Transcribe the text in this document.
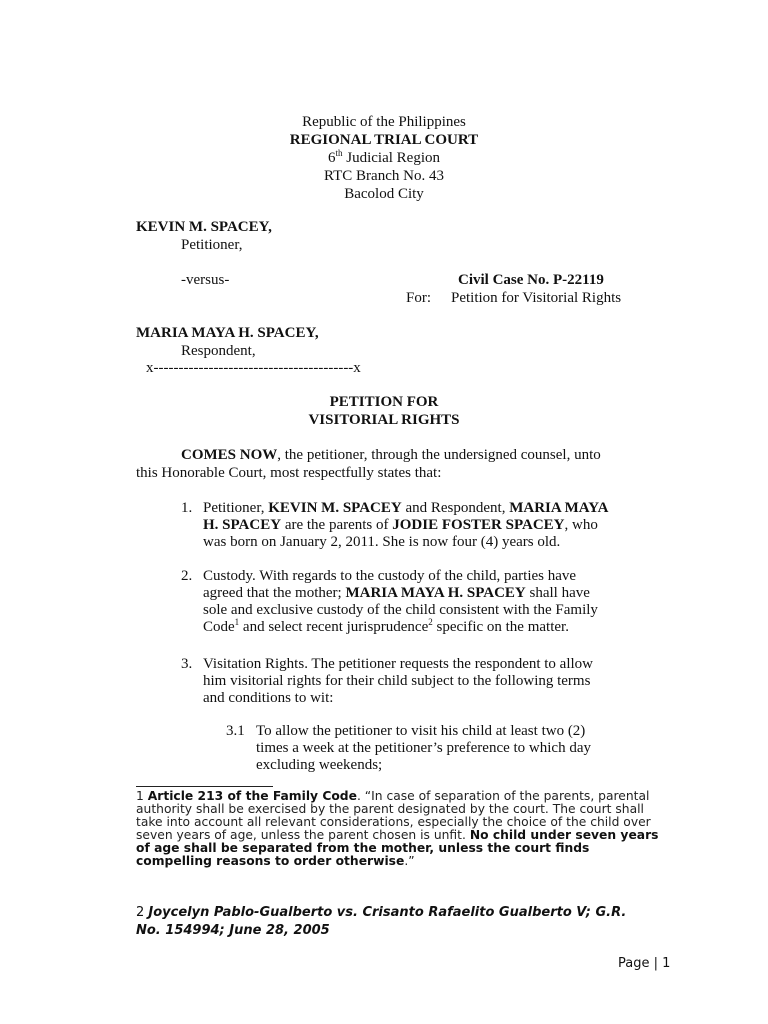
Republic of the Philippines
REGIONAL TRIAL COURT
6th Judicial Region
RTC Branch No. 43
Bacolod City
KEVIN M. SPACEY,
Petitioner,
-versus-	Civil Case No. P-22119
For: Petition for Visitorial Rights
MARIA MAYA H. SPACEY,
Respondent,
x----------------------------------------x
PETITION FOR
VISITORIAL RIGHTS
COMES NOW, the petitioner, through the undersigned counsel, unto
this Honorable Court, most respectfully states that:
1. Petitioner, KEVIN M. SPACEY and Respondent, MARIA MAYA
H. SPACEY are the parents of JODIE FOSTER SPACEY, who
was born on January 2, 2011. She is now four (4) years old.
2. Custody. With regards to the custody of the child, parties have
agreed that the mother; MARIA MAYA H. SPACEY shall have
sole and exclusive custody of the child consistent with the Family
Code$^1$ and select recent jurisprudence$^2$ specific on the matter.
3. Visitation Rights. The petitioner requests the respondent to allow
him visitorial rights for their child subject to the following terms
and conditions to wit:
3.1 To allow the petitioner to visit his child at least two (2)
times a week at the petitioner’s preference to which day
excluding weekends;
1 Article 213 of the Family Code. “In case of separation of the parents, parental
authority shall be exercised by the parent designated by the court. The court shall
take into account all relevant considerations, especially the choice of the child over
seven years of age, unless the parent chosen is unfit. No child under seven years
of age shall be separated from the mother, unless the court finds
compelling reasons to order otherwise.”
2 Joycelyn Pablo-Gualberto vs. Crisanto Rafaelito Gualberto V; G.R.
No. 154994; June 28, 2005
Page | 1
